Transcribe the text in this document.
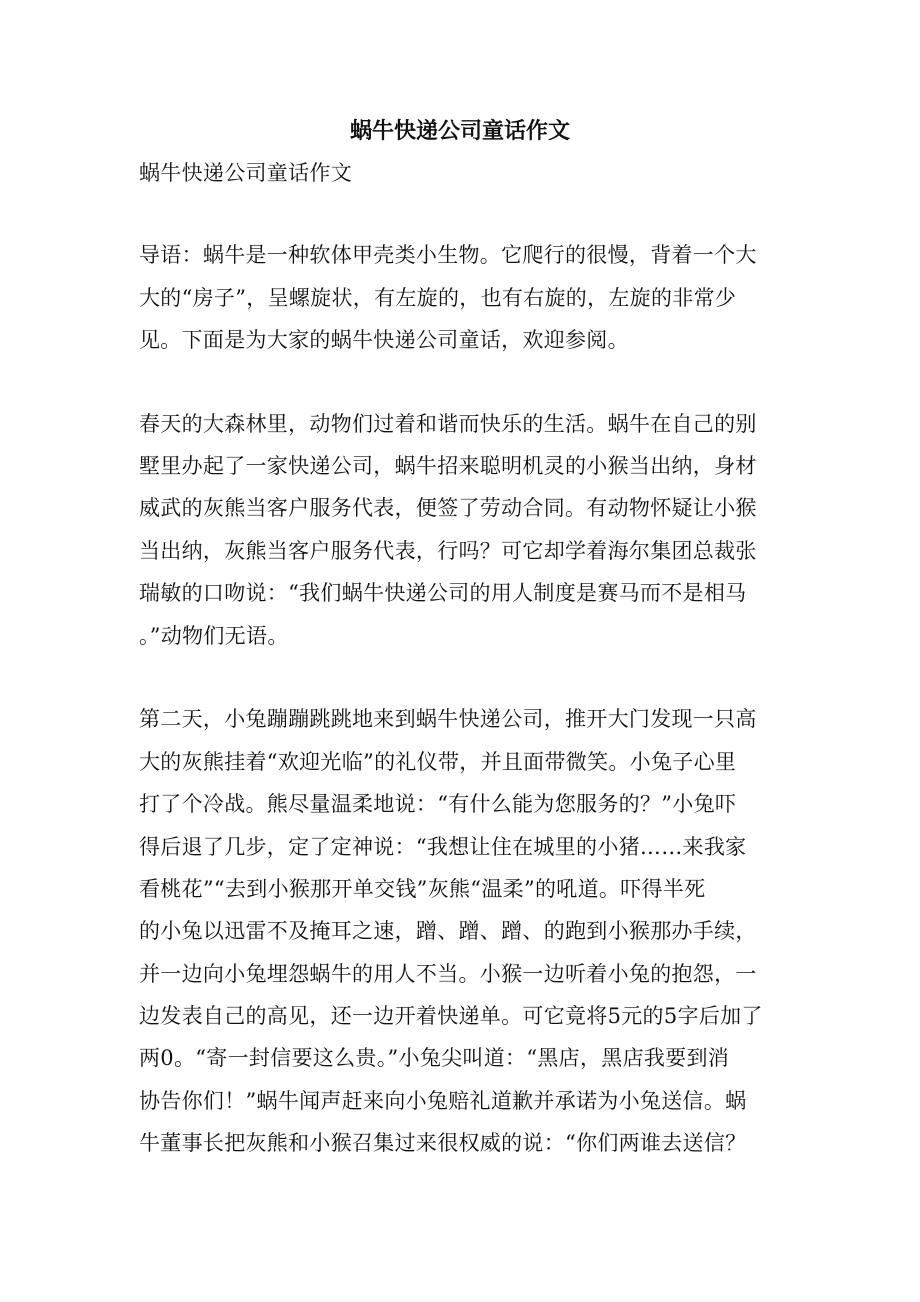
蜗牛快递公司童话作文
蜗牛快递公司童话作文
导语：蜗牛是一种软体甲壳类小生物。它爬行的很慢，背着一个大
大的“房子”，呈螺旋状，有左旋的，也有右旋的，左旋的非常少
见。下面是为大家的蜗牛快递公司童话，欢迎参阅。
春天的大森林里，动物们过着和谐而快乐的生活。蜗牛在自己的别
墅里办起了一家快递公司，蜗牛招来聪明机灵的小猴当出纳，身材
威武的灰熊当客户服务代表，便签了劳动合同。有动物怀疑让小猴
当出纳，灰熊当客户服务代表，行吗？可它却学着海尔集团总裁张
瑞敏的口吻说：“我们蜗牛快递公司的用人制度是赛马而不是相马
。”动物们无语。
第二天，小兔蹦蹦跳跳地来到蜗牛快递公司，推开大门发现一只高
大的灰熊挂着“欢迎光临”的礼仪带，并且面带微笑。小兔子心里
打了个冷战。熊尽量温柔地说：“有什么能为您服务的？”小兔吓
得后退了几步，定了定神说：“我想让住在城里的小猪……来我家
看桃花”“去到小猴那开单交钱”灰熊“温柔”的吼道。吓得半死
的小兔以迅雷不及掩耳之速，蹭、蹭、蹭、的跑到小猴那办手续，
并一边向小兔埋怨蜗牛的用人不当。小猴一边听着小兔的抱怨，一
边发表自己的高见，还一边开着快递单。可它竟将5元的5字后加了
两0。“寄一封信要这么贵。”小兔尖叫道：“黑店，黑店我要到消
协告你们！”蜗牛闻声赶来向小兔赔礼道歉并承诺为小兔送信。蜗
牛董事长把灰熊和小猴召集过来很权威的说：“你们两谁去送信？
